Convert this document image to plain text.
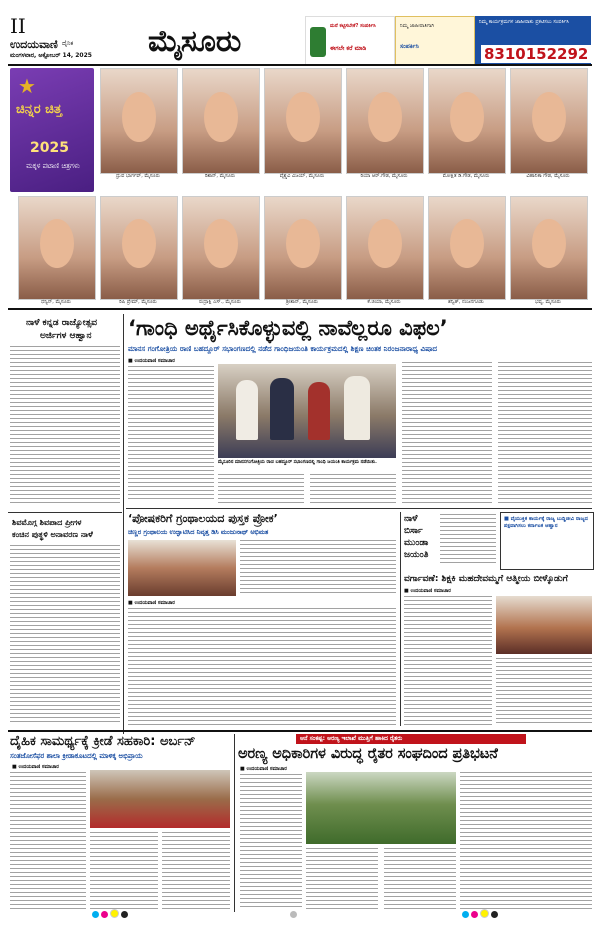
II
ಉದಯವಾಣಿ ದೈನಿಕ
ಮಂಗಳವಾರ, ಅಕ್ಟೋಬರ್ 14, 2025 ಮೈಸೂರು	ಮನೆ ಕಟ್ಟಿಸಬೇಕೆ? ಸಂಪರ್ಕಿಸಿ
ಈಗಲೇ ಕರೆ ಮಾಡಿ
ನಿಮ್ಮ ಜಾಹೀರಾತಿಗಾಗಿ
ಸಂಪರ್ಕಿಸಿ
ನಿಮ್ಮ ಕಾರ್ಯಕ್ರಮಗಳ ಜಾಹೀರಾತು ಪ್ರಕಟಿಸಲು ಸಂಪರ್ಕಿಸಿ
8310152292
★
ಚಿನ್ನರ ಚಿತ್ತ
2025
ಮಕ್ಕಳ ಪಟಾಣಿ ಚಿತ್ರಗಳು
ಧ್ರುವ ಭಾರ್ಗವ್, ಮೈಸೂರು	ರಿಶಾನ್, ಮೈಸೂರು	ವೈಶ್ಣವಿ ವಿಜಯ್, ಮೈಸೂರು	ರಿಯಾ ಆರ್.ಗೌಡ, ಮೈಸೂರು	ಮೋಕ್ಷಿತ ಡಿ.ಗೌಡ, ಮೈಸೂರು	ವಿಹಾನಿಕಾ ಗೌಡ, ಮೈಸೂರು
ಧನ್ವಿನ್, ಮೈಸೂರು	ರಿಷಿ ಪ್ರೇಮ್, ಮೈಸೂರು	ರುದ್ರಾಕ್ಷಿ ಎಸ್., ಮೈಸೂರು	ಶ್ರೀಶಾನ್, ಮೈಸೂರು	ಕೆ.ಜಿಯಾ, ಮೈಸೂರು	ಶನ್ವಿತ್, ನಂಜನಗೂಡು	ಭವ್ಯ, ಮೈಸೂರು
ನಾಳೆ ಕನ್ನಡ ರಾಜ್ಯೋತ್ಸವ
ಅರ್ಜಿಗಳ ಆಹ್ವಾನ
ಶಿವಮೊಗ್ಗ ಶಿವಪಾದ ಪ್ರೀಗಳ
ಕಂಚಿನ ಪುತ್ಥಳಿ ಅನಾವರಣ ನಾಳೆ
‘ಗಾಂಧಿ ಅರ್ಥೈಸಿಕೊಳ್ಳುವಲ್ಲಿ ನಾವೆಲ್ಲರೂ ವಿಫಲ’
ಮಾನಸ ಗಂಗೋತ್ರಿಯ ರಾಣಿ ಬಹದ್ದೂರ್ ಸಭಾಂಗಣದಲ್ಲಿ ನಡೆದ ಗಾಂಧಿಜಯಂತಿ ಕಾರ್ಯಕ್ರಮದಲ್ಲಿ ಶಿಕ್ಷಣ ಚಿಂತಕ ನಿರಂಜನಾರಾಧ್ಯ ವಿಷಾದ
■ ಉದಯವಾಣಿ ಸಮಾಚಾರ
ಮೈಸೂರಿನ ಮಾನಸಗಂಗೋತ್ರಿಯ ರಾಣಿ ಬಹದ್ದೂರ್ ಸಭಾಂಗಣದಲ್ಲಿ ಗಾಂಧಿ ಜಯಂತಿ ಕಾರ್ಯಕ್ರಮ ನಡೆಯಿತು.
‘ಪೋಷಕರಿಗೆ ಗ್ರಂಥಾಲಯದ ಪುಸ್ತಕ ಪ್ರೋಕ’
ಚಿಣ್ಣರ ಗ್ರಂಥಾಲಯ ಉದ್ಘಾಟಿಸಿದ ನಿವೃತ್ತ ಡಿಸಿ ಮಂಜುನಾಥ್ ಅಭಿಮತ
■ ಉದಯವಾಣಿ ಸಮಾಚಾರ
ನಾಳೆ
ಬಿರ್ಸಾ
ಮುಂಡಾ
ಜಯಂತಿ
■ ವೈಯುಕ್ತಿಕ ಕಾರ್ಯಕ್ಕೆ ರಾಜ್ಯ ಬುದ್ಧಿಜೀವಿ ರಾಜ್ಯದ ಪಕ್ಷವಾಗಿಸಲು ಕರ್ನಾಟಕ ಆಹ್ವಾನ
ವರ್ಗಾವಣೆ: ಶಿಕ್ಷಕಿ ಮಹದೇವಮ್ಮಗೆ ಆತ್ಮೀಯ ಬೀಳ್ಕೊಡುಗೆ
■ ಉದಯವಾಣಿ ಸಮಾಚಾರ
ದೈಹಿಕ ಸಾಮರ್ಥ್ಯಕ್ಕೆ ಕ್ರೀಡೆ ಸಹಕಾರಿ: ಅರ್ಬನ್
ಸಂತಜೋಸೆಫರ ಶಾಲಾ ಕ್ರೀಡಾಕೂಟದಲ್ಲಿ ಮಾಳಿಕ್ಕ ಅಭಿಪ್ರಾಯ
■ ಉದಯವಾಣಿ ಸಮಾಚಾರ
ಆನೆ ಸಂಕಷ್ಟ: ಅರಣ್ಯ ಇಲಾಖೆ ಮುತ್ತಿಗೆ ಹಾಕಿದ ರೈತರು
ಅರಣ್ಯ ಅಧಿಕಾರಿಗಳ ವಿರುದ್ಧ ರೈತರ ಸಂಘದಿಂದ ಪ್ರತಿಭಟನೆ
■ ಉದಯವಾಣಿ ಸಮಾಚಾರ
